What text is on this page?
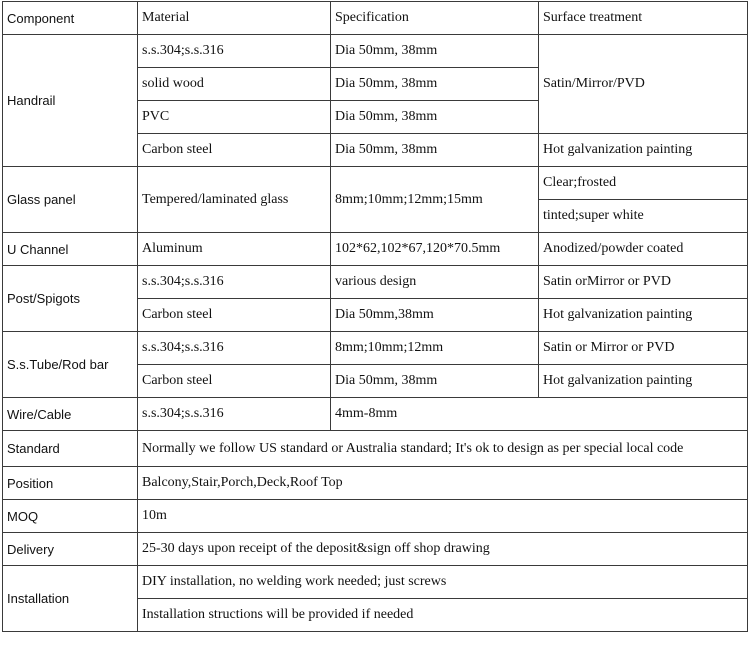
Component	Material	Specification	Surface treatment
Handrail	s.s.304;s.s.316	Dia 50mm, 38mm	Satin/Mirror/PVD
	solid wood	Dia 50mm, 38mm	
	PVC	Dia 50mm, 38mm	
	Carbon steel	Dia 50mm, 38mm	Hot galvanization painting
Glass panel	Tempered/laminated glass	8mm;10mm;12mm;15mm	Clear;frosted
			tinted;super white
U Channel	Aluminum	102*62,102*67,120*70.5mm	Anodized/powder coated
Post/Spigots	s.s.304;s.s.316	various design	Satin orMirror or PVD
	Carbon steel	Dia 50mm,38mm	Hot galvanization painting
S.s.Tube/Rod bar	s.s.304;s.s.316	8mm;10mm;12mm	Satin or Mirror or PVD
	Carbon steel	Dia 50mm, 38mm	Hot galvanization painting
Wire/Cable	s.s.304;s.s.316	4mm-8mm	
Standard	Normally we follow US standard or Australia standard; It's ok to design as per special local code		
Position	Balcony,Stair,Porch,Deck,Roof Top		
MOQ	10m		
Delivery	25-30 days upon receipt of the deposit&sign off shop drawing		
Installation	DIY installation, no welding work needed; just screws		
	Installation structions will be provided if needed		
